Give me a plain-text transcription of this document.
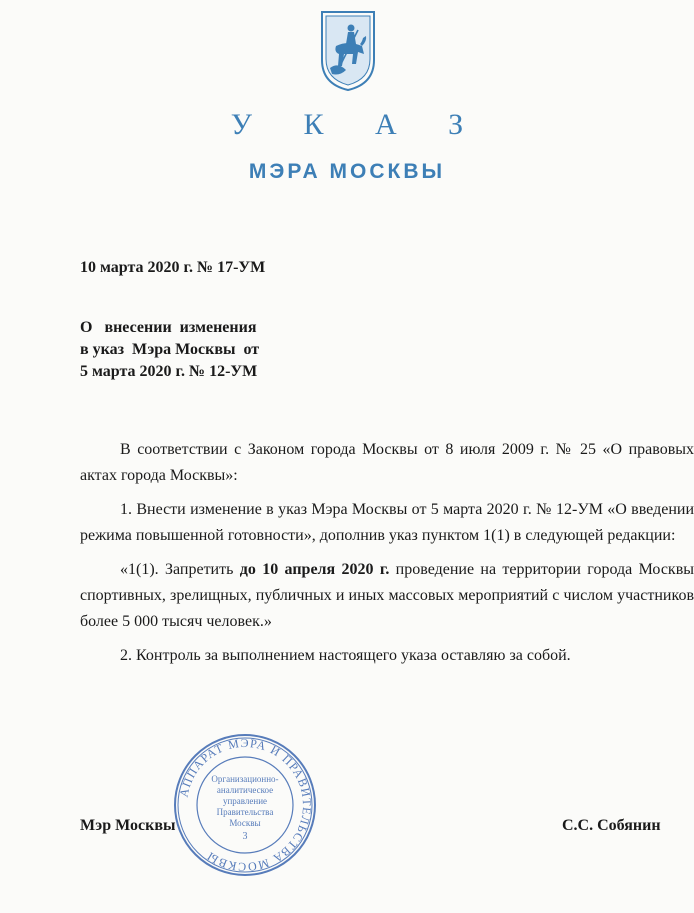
У К А З
МЭРА МОСКВЫ
10 марта 2020 г. № 17-УМ
О   внесении  изменения
в указ  Мэра Москвы  от
5 марта 2020 г. № 12-УМ

В соответствии с Законом города Москвы от 8 июля 2009 г. № 25 «О правовых актах города Москвы»:

1. Внести изменение в указ Мэра Москвы от 5 марта 2020 г. № 12-УМ «О введении режима повышенной готовности», дополнив указ пунктом 1(1) в следующей редакции:

«1(1). Запретить до 10 апреля 2020 г. проведение на территории города Москвы спортивных, зрелищных, публичных и иных массовых мероприятий с числом участников более 5 000 тысяч человек.»

2. Контроль за выполнением настоящего указа оставляю за собой.

Мэр Москвы	С.С. Собянин
АППАРАТ МЭРА И ПРАВИТЕЛЬСТВА МОСКВЫ
Организационно-
аналитическое
управление
Правительства
Москвы
3
